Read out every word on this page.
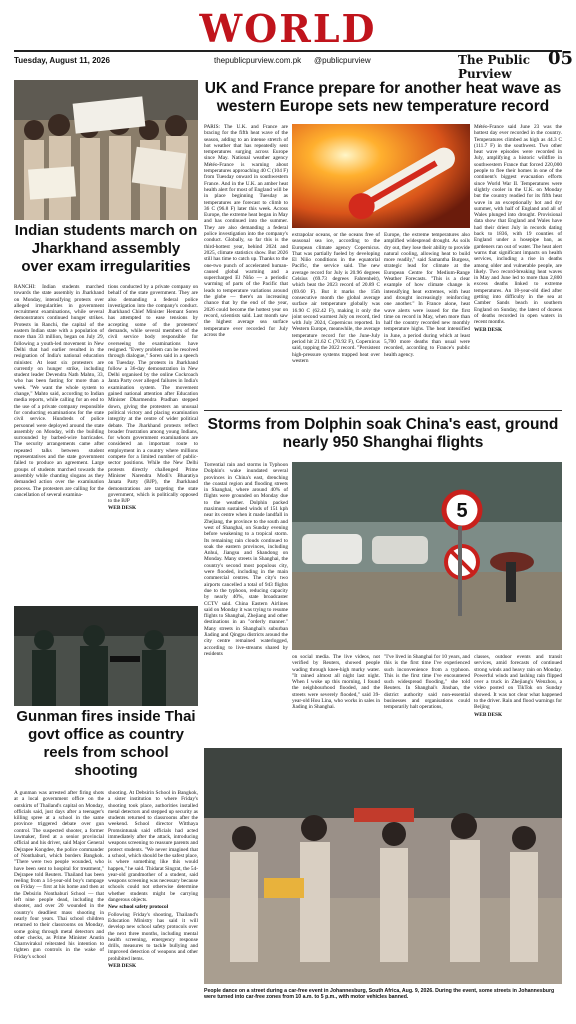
WORLD
Tuesday, August 11, 2026	thepublicpurview.com.pk @publicpurview	The Public Purview
05
Indian students march on Jharkhand assembly over exam irregularities

RANCHI: Indian students marched towards the state assembly in Jharkhand on Monday, intensifying protests over alleged irregularities in government recruitment examinations, while several demonstrators continued hunger strikes. Protests in Ranchi, the capital of the eastern Indian state with a population of more than 33 million, began on July 29, following a youth-led movement in New Delhi that had earlier resulted in the resignation of India's national education minister. At least six protesters are currently on hunger strike, including student leader Devendra Nath Mahto, 33, who has been fasting for more than a week. "We want the whole system to change," Mahto said, according to Indian media reports, while calling for an end to the use of a private company responsible for conducting examinations for the state civil service. Hundreds of police personnel were deployed around the state assembly on Monday, with the building surrounded by barbed-wire barricades. The security arrangements came after repeated talks between student representatives and the state government failed to produce an agreement. Large groups of students marched towards the assembly while chanting slogans as they demanded action over the examination process. The protesters are calling for the cancellation of several examina-

tions conducted by a private company on behalf of the state government. They are also demanding a federal police investigation into the company's conduct. Jharkhand Chief Minister Hemant Soren has attempted to ease tensions by accepting some of the protesters' demands, while several members of the civil service body responsible for overseeing the examinations have resigned. "Every problem can be resolved through dialogue," Soren said in a speech on Tuesday. The protests in Jharkhand follow a 36-day demonstration in New Delhi organised by the online Cockroach Janta Party over alleged failures in India's examination system. The movement gained national attention after Education Minister Dharmendra Pradhan stepped down, giving the protesters an unusual political victory and placing examination integrity at the centre of wider political debate. The Jharkhand protests reflect broader frustration among young Indians, for whom government examinations are considered an important route to employment in a country where millions compete for a limited number of public-sector positions. While the New Delhi protests directly challenged Prime Minister Narendra Modi's Bharatiya Janata Party (BJP), the Jharkhand demonstrations are targeting the state government, which is politically opposed to the BJP

WEB DESK

UK and France prepare for another heat wave as western Europe sets new temperature record

PARIS: The U.K. and France are bracing for the fifth heat wave of the season, adding to an intense stretch of hot weather that has repeatedly sent temperatures surging across Europe since May. National weather agency Météo-France is warning about temperatures approaching 40 C (104 F) from Tuesday onward in southwestern France. And in the U.K. an amber heat health alert for most of England will be in place beginning Tuesday as temperatures are forecast to climb to 36 C (96.8 F) later this week. Across Europe, the extreme heat began in May and has continued into the summer. They are also demanding a federal police investigation into the company's conduct. Globally, so far this is the third-hottest year, behind 2024 and 2025, climate statistics show. But 2026 still has time to catch up. Thanks to the one-two punch of accelerated human-caused global warming and a supercharged El Niño — a periodic warming of parts of the Pacific that leads to temperature variations around the globe — there's an increasing chance that by the end of the year, 2026 could become the hottest year on record, scientists said. Last month saw the highest average sea surface temperature ever recorded for July across the

extrapolar oceans, or the oceans free of seasonal sea ice, according to the European climate agency Copernicus. That was partially fueled by developing El Niño conditions in the equatorial Pacific, the service said. The new average record for July is 20.96 degrees Celsius (69.73 degrees Fahrenheit), which beat the 2023 record of 20.89 C (69.60 F). But it marks the 15th consecutive month the global average surface air temperature globally was 16.90 C (62.42 F), making it only the joint second warmest July on record, tied with July 2024, Copernicus reported. In Western Europe, meanwhile, the average temperature record for the June-July period hit 21.62 C (70.92 F), Copernicus said, topping the 2022 record. "Persistent high-pressure systems trapped heat over western

Europe, the extreme temperatures also amplified widespread drought. As soils dry out, they lose their ability to provide natural cooling, allowing heat to build more readily," said Samantha Burgess, strategic lead for climate at the European Centre for Medium-Range Weather Forecasts. "This is a clear example of how climate change is intensifying heat extremes, with heat and drought increasingly reinforcing one another." In France alone, heat wave alerts were issued for the first time on record in May, when more than half the country recorded new monthly temperature highs. The heat intensified in June, a period during which at least 5,700 more deaths than usual were recorded, according to France's public health agency.

Météo-France said June 23 was the hottest day ever recorded in the country. Temperatures climbed as high as 44.3 C (111.7 F) in the southwest. Two other heat wave episodes were recorded in July, amplifying a historic wildfire in southwestern France that forced 220,000 people to flee their homes in one of the continent's biggest evacuation efforts since World War II. Temperatures were slightly cooler in the U.K. on Monday but the country readied for its fifth heat wave in an exceptionally hot and dry summer, with half of England and all of Wales plunged into drought. Provisional data show that England and Wales have had their driest July in records dating back to 1836, with 19 counties of England under a hosepipe ban, as gardeners ran out of water. The heat alert warns that significant impacts on health services, including a rise in deaths among older and vulnerable people, are likely. Two record-breaking heat waves in May and June led to more than 2,800 excess deaths linked to extreme temperatures. An 18-year-old died after getting into difficulty in the sea at Camber Sands beach in southern England on Sunday, the latest of dozens of deaths recorded in open waters in recent months.

WEB DESK

Storms from Dolphin soak China's east, ground nearly 950 Shanghai flights

Torrential rain and storms in Typhoon Dolphin's wake inundated several provinces in China's east, drenching the coastal region and flooding streets in Shanghai, where around 40% of flights were grounded on Monday due to the weather. Dolphin packed maximum sustained winds of 151 kph near its centre when it made landfall in Zhejiang, the province to the south and west of Shanghai, on Sunday evening before weakening to a tropical storm. Its remaining rain clouds continued to soak the eastern provinces, including Anhui, Jiangsu and Shandong on Monday. Many streets in Shanghai, the country's second most populous city, were flooded, including in the main commercial centres. The city's two airports cancelled a total of 943 flights due to the typhoon, reducing capacity by nearly 40%, state broadcaster CCTV said. China Eastern Airlines said on Monday it was trying to resume flights to Shanghai, Zhejiang and other destinations in an "orderly manner." Many streets in Shanghai's suburban Jiading and Qingpu districts around the city centre remained waterlogged, according to live-streams shared by residents

5

on social media. The live videos, not verified by Reuters, showed people wading through knee-high murky water. "It rained almost all night last night. When I woke up this morning, I found the neighbourhood flooded, and the streets were severely flooded," said 39-year-old Hou Lina, who works in sales in Jiading in Shanghai.

"I've lived in Shanghai for 10 years, and this is the first time I've experienced such inconvenience from a typhoon. This is the first time I've encountered such widespread flooding," she told Reuters. In Shanghai's Jinshan, the district authority said non-essential businesses and organisations could temporarily halt operations,

classes, outdoor events and transit services, amid forecasts of continued strong winds and heavy rain on Monday. Powerful winds and lashing rain flipped over a truck in Zhejiang's Wenzhou, a video posted on TikTok on Sunday showed. It was not clear what happened to the driver. Rain and flood warnings for Beijing

WEB DESK

Gunman fires inside Thai govt office as country reels from school shooting

A gunman was arrested after firing shots at a local government office on the outskirts of Thailand's capital on Monday, officials said, just days after a teenager's killing spree at a school in the same province triggered debate over gun control. The suspected shooter, a former lawmaker, fired at a senior provincial official and his driver, said Major General Dejrapee Kongdee, the police commander of Nonthaburi, which borders Bangkok. "There were two people wounded, who have been sent to hospital for treatment," Dejrapee told Reuters. Thailand has been reeling from a 14-year-old boy's rampage on Friday — first at his home and then at the Debsirin Nonthaburi School — that left nine people dead, including the shooter, and over 20 wounded in the country's deadliest mass shooting in nearly four years. Thai school children returned to their classrooms on Monday, some going through metal detectors and other checks, as Prime Minister Anutin Charnvirakul reiterated his intention to tighten gun controls in the wake of Friday's school

shooting. At Debsirin School in Bangkok, a sister institution to where Friday's shooting took place, authorities installed metal detectors and stepped up security as students returned to classrooms after the weekend. School director Witthaya Promsintunak said officials had acted immediately after the attack, introducing weapons screening to reassure parents and protect students. "We never imagined that a school, which should be the safest place, is where something like this would happen," he said. Thidarat Singrat, the 54-year-old grandmother of a student, said weapons screening was necessary because schools could not otherwise determine whether students might be carrying dangerous objects.

New school safety protocol

Following Friday's shooting, Thailand's Education Ministry has said it will develop new school safety protocols over the next three months, including mental health screening, emergency response drills, measures to tackle bullying and improved detection of weapons and other prohibited items.

WEB DESK

People dance on a street during a car-free event in Johannesburg, South Africa, Aug. 9, 2026. During the event, some streets in Johannesburg were turned into car-free zones from 10 a.m. to 5 p.m., with motor vehicles banned.
